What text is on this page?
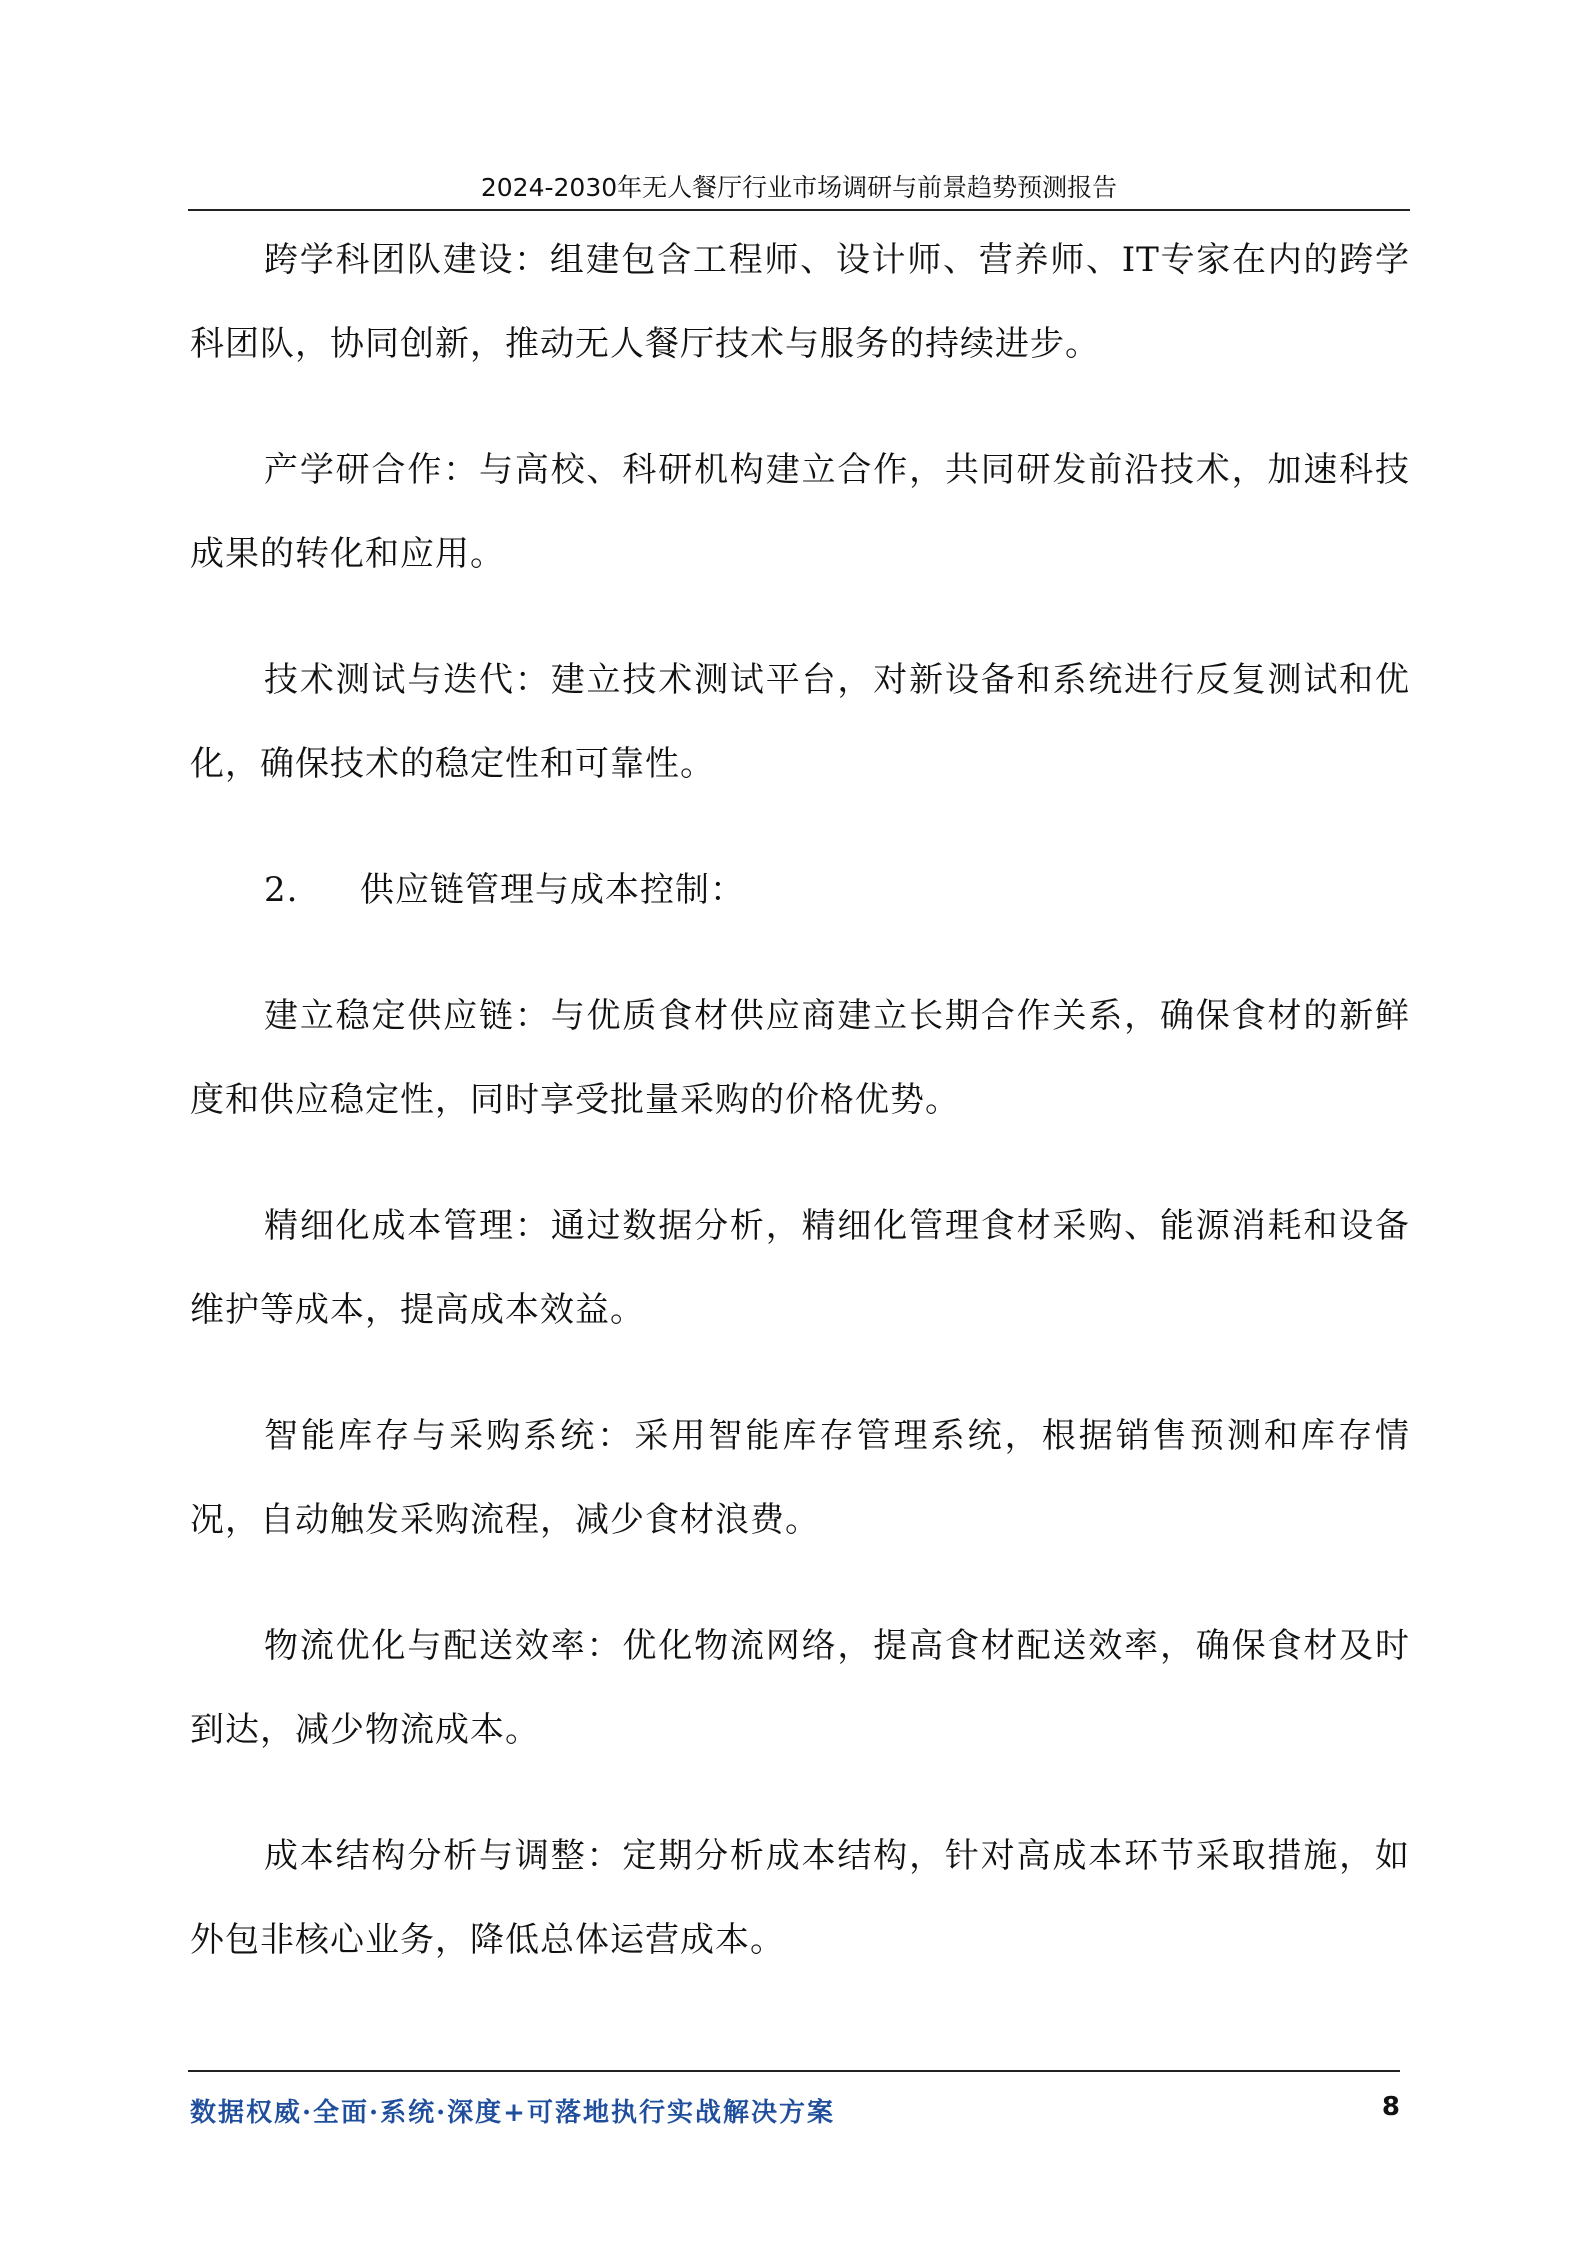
2024-2030年无人餐厅行业市场调研与前景趋势预测报告

跨学科团队建设：组建包含工程师、设计师、营养师、IT专家在内的跨学科团队，协同创新，推动无人餐厅技术与服务的持续进步。

产学研合作：与高校、科研机构建立合作，共同研发前沿技术，加速科技成果的转化和应用。

技术测试与迭代：建立技术测试平台，对新设备和系统进行反复测试和优化，确保技术的稳定性和可靠性。

2. 供应链管理与成本控制：

建立稳定供应链：与优质食材供应商建立长期合作关系，确保食材的新鲜度和供应稳定性，同时享受批量采购的价格优势。

精细化成本管理：通过数据分析，精细化管理食材采购、能源消耗和设备维护等成本，提高成本效益。

智能库存与采购系统：采用智能库存管理系统，根据销售预测和库存情况，自动触发采购流程，减少食材浪费。

物流优化与配送效率：优化物流网络，提高食材配送效率，确保食材及时到达，减少物流成本。

成本结构分析与调整：定期分析成本结构，针对高成本环节采取措施，如外包非核心业务，降低总体运营成本。

数据权威·全面·系统·深度+可落地执行实战解决方案	8
